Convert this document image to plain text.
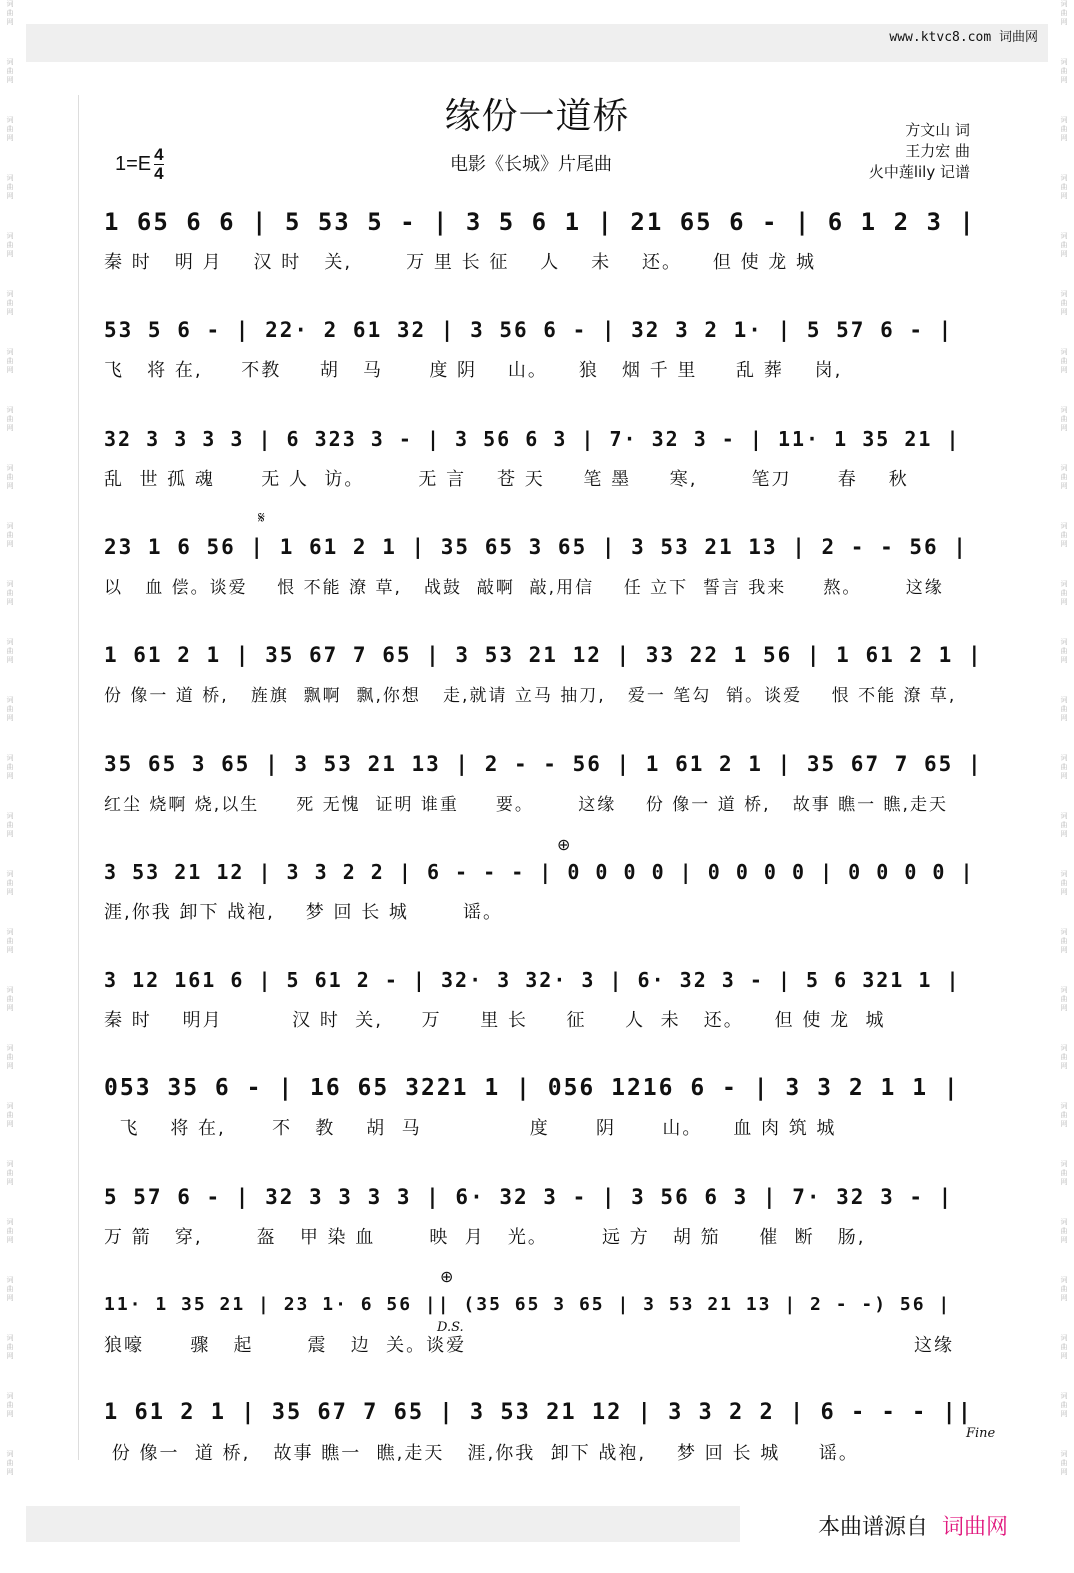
词
曲
网
词
曲
网
词
曲
网
词
曲
网
词
曲
网
词
曲
网
词
曲
网
词
曲
网
词
曲
网
词
曲
网
词
曲
网
词
曲
网
词
曲
网
词
曲
网
词
曲
网
词
曲
网
词
曲
网
词
曲
网
词
曲
网
词
曲
网
词
曲
网
词
曲
网
词
曲
网
词
曲
网
词
曲
网
词
曲
网
词
曲
网
词
曲
网
词
曲
网
词
曲
网
词
曲
网
词
曲
网
词
曲
网
词
曲
网
词
曲
网
词
曲
网
词
曲
网
词
曲
网
词
曲
网
词
曲
网
词
曲
网
词
曲
网
词
曲
网
词
曲
网
词
曲
网
词
曲
网
词
曲
网
词
曲
网
词
曲
网
词
曲
网
词
曲
网
词
曲
网
www.ktvc8.com 词曲网
缘份一道桥
电影《长城》片尾曲
$1=E \frac{4}{4}$
方文山 词
王力宏 曲
火中莲lily 记谱
1 65 6 6 | 5 53 5 - | 3 5 6 1 | 21 65 6 - | 6 1 2 3 |
秦 时   明 月    汉 时   关,       万 里 长 征    人    未    还。    但 使 龙 城
53 5 6 - | 22· 2 61 32 | 3 56 6 - | 32 3 2 1· | 5 57 6 - |
飞   将 在,     不教     胡   马      度 阴    山。    狼   烟 千 里     乱 葬    岗,
32 3 3 3 3 | 6 323 3 - | 3 56 6 3 | 7· 32 3 - | 11· 1 35 21 |
乱  世 孤 魂      无 人  访。       无 言    苍 天     笔 墨     寒,       笔刀      春    秋
23 1 6 56 | 1 61 2 1 | 35 65 3 65 | 3 53 21 13 | 2 - - 56 |
以   血 偿。谈爱    恨 不能 潦 草,   战鼓  敲啊  敲,用信    任 立下  誓言 我来     熬。      这缘
1 61 2 1 | 35 67 7 65 | 3 53 21 12 | 33 22 1 56 | 1 61 2 1 |
份 像一 道 桥,   旌旗  飘啊  飘,你想   走,就请 立马 抽刀,   爱一 笔勾  销。谈爱    恨 不能 潦 草,
35 65 3 65 | 3 53 21 13 | 2 - - 56 | 1 61 2 1 | 35 67 7 65 |
红尘 烧啊 烧,以生     死 无愧  证明 谁重     要。      这缘    份 像一 道 桥,   故事 瞧一 瞧,走天
3 53 21 12 | 3 3 2 2 | 6 - - - | 0 0 0 0 | 0 0 0 0 | 0 0 0 0 |
涯,你我 卸下 战袍,    梦 回 长 城       谣。
3 12 161 6 | 5 61 2 - | 32· 3 32· 3 | 6· 32 3 - | 5 6 321 1 |
秦 时    明月         汉 时  关,     万     里 长     征     人  未   还。    但 使 龙  城
053 35 6 - | 16 65 3221 1 | 056 1216 6 - | 3 3 2 1 1 |
飞    将 在,      不   教    胡  马              度      阴      山。    血 肉 筑 城
5 57 6 - | 32 3 3 3 3 | 6· 32 3 - | 3 56 6 3 | 7· 32 3 - |
万 箭   穿,       盔   甲 染 血       映  月   光。       远 方   胡 笳     催  断   肠,
11· 1 35 21 | 23 1· 6 56 || (35 65 3 65 | 3 53 21 13 | 2 - -) 56 |
狼嚎      骤   起       震   边  关。谈爱                                                          这缘
1 61 2 1 | 35 67 7 65 | 3 53 21 12 | 3 3 2 2 | 6 - - - ||
份 像一  道 桥,   故事 瞧一  瞧,走天   涯,你我  卸下 战袍,    梦 回 长 城     谣。
𝄋
⊕
⊕
D.S.
Fine
本曲谱源自 词曲网
